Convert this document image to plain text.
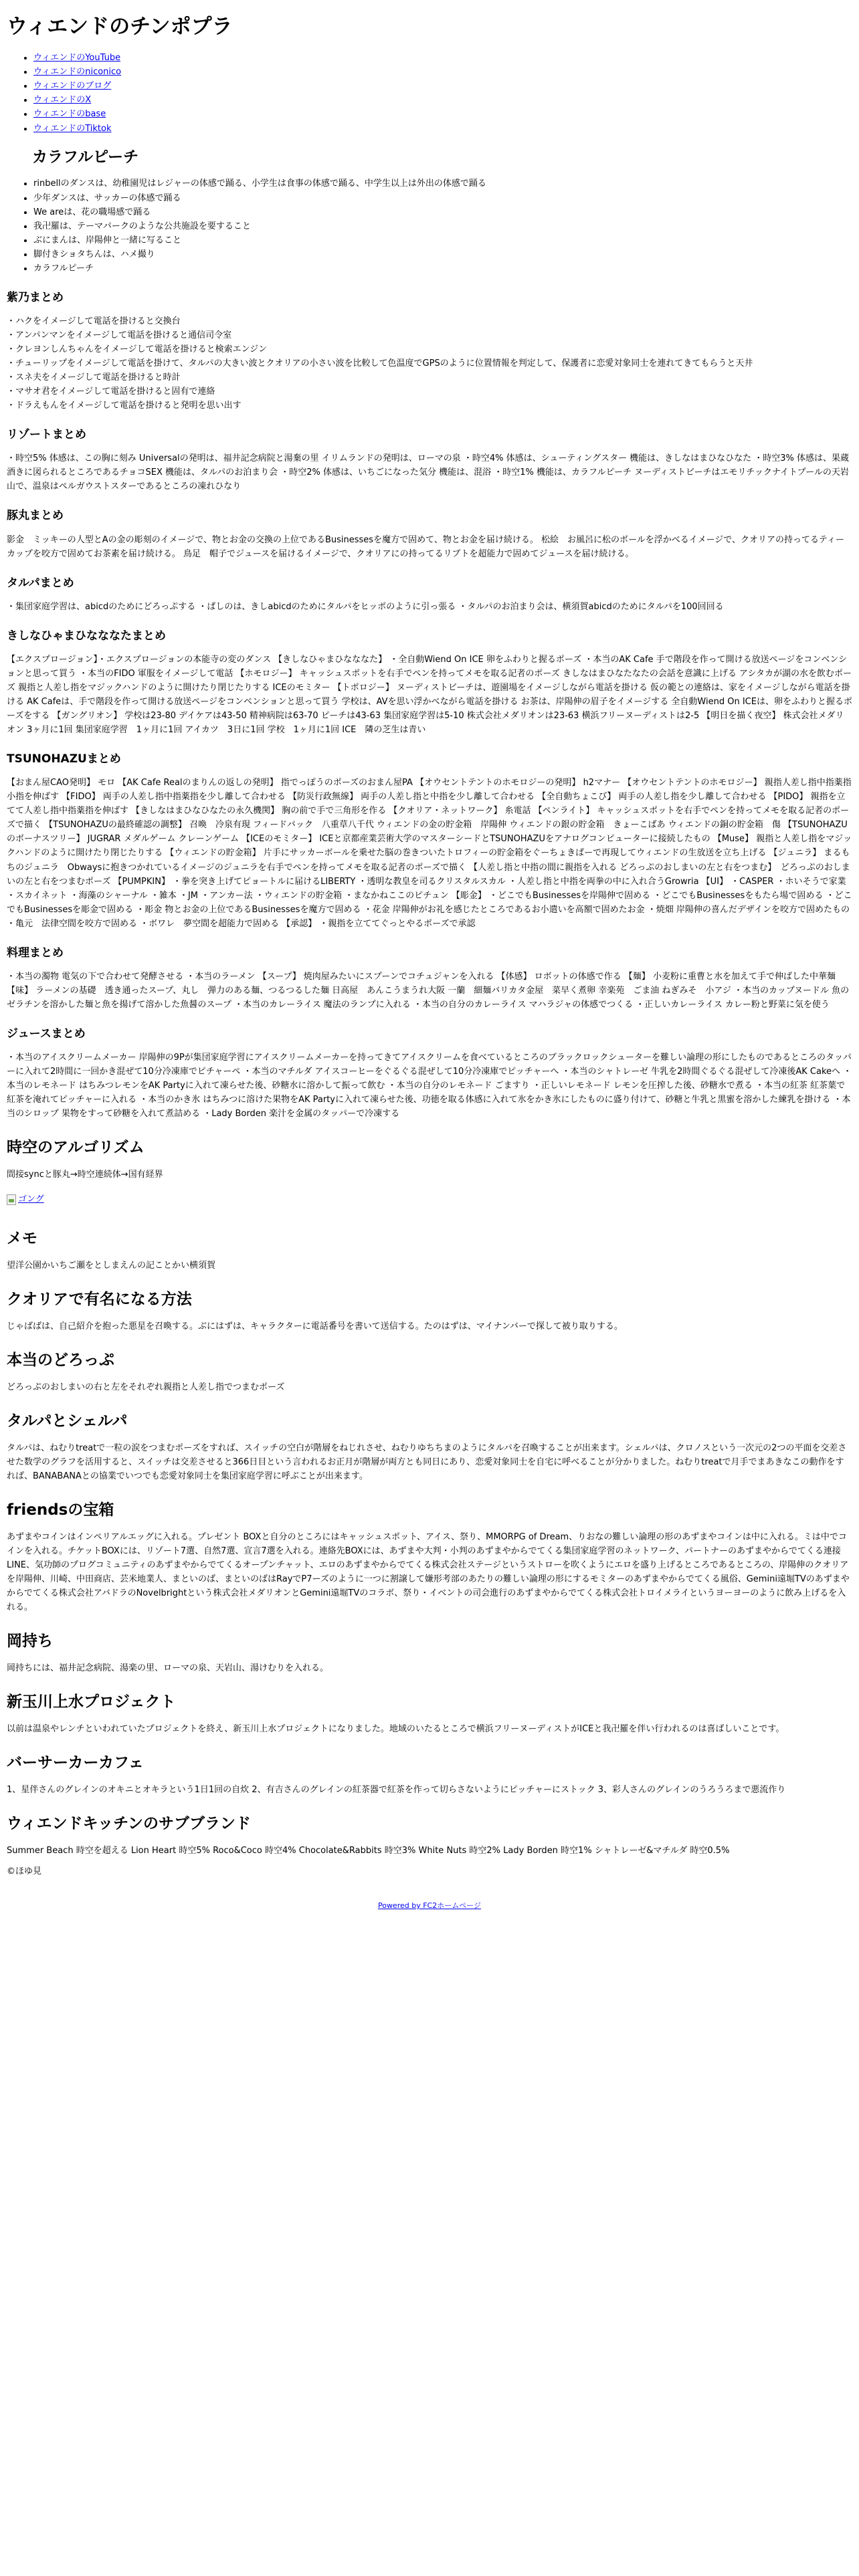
ウィエンドのチンポプラ
• ウィエンドのYouTube
• ウィエンドのniconico
• ウィエンドのブログ
• ウィエンドのX
• ウィエンドのbase
• ウィエンドのTiktok
カラフルピーチ
• rinbellのダンスは、幼稚園児はレジャーの体感で踊る、小学生は食事の体感で踊る、中学生以上は外出の体感で踊る
• 少年ダンスは、サッカーの体感で踊る
• We areは、花の職場感で踊る
• 我卍羅は、テーマパークのような公共施設を要すること
• ぶにまんは、岸陽伸と一緒に写ること
• 脚付きショタちんは、ハメ撮り
• カラフルピーチ
紫乃まとめ

・ハクをイメージして電話を掛けると交換台
・アンパンマンをイメージして電話を掛けると通信司令室
・クレヨンしんちゃんをイメージして電話を掛けると検索エンジン
・チューリップをイメージして電話を掛けて、タルパの大きい波とクオリアの小さい波を比較して色温度でGPSのように位置情報を判定して、保護者に恋愛対象同士を連れてきてもらうと天井
・スネ夫をイメージして電話を掛けると時計
・マサオ君をイメージして電話を掛けると固有で連絡
・ドラえもんをイメージして電話を掛けると発明を思い出す

リゾートまとめ

・時空5% 体感は、この胸に刻み Universalの発明は、福井記念病院と湯棄の里 イリムランドの発明は、ローマの泉 ・時空4% 体感は、シューティングスター 機能は、きしなはまひなひなた ・時空3% 体感は、果蔵酒きに図られるところであるチョコSEX 機能は、タルパのお泊まり会 ・時空2% 体感は、いちごになった気分 機能は、混浴 ・時空1% 機能は、カラフルピーチ ヌーディストビーチはエモリチックナイトプールの天岩山で、温泉はペルガウストスターであるところの凍れひなり

豚丸まとめ

影金　ミッキーの人型とAの金の彫刻のイメージで、物とお金の交換の上位であるBusinessesを魔方で固めて、物とお金を届け続ける。 松絵　お風呂に松のボールを浮かべるイメージで、クオリアの持ってるティーカップを咬方で固めてお茶素を届け続ける。 鳥足　帽子でジュースを届けるイメージで、クオリアにの持ってるリブトを超能力で固めてジュースを届け続ける。

タルパまとめ

・集団家庭学習は、abicdのためにどろっぷする ・ぱしのは、きしabicdのためにタルパをヒッポのように引っ張る ・タルパのお泊まり会は、横須賀abicdのためにタルパを100回回る

きしなひゃまひなななたまとめ

【エクスプロージョン】・エクスプロージョンの本能寺の変のダンス 【きしなひゃまひなななた】 ・全自動Wiend On ICE 卵をふわりと握るポーズ ・本当のAK Cafe 手で階段を作って開ける放送ページをコンベンションと思って買う ・本当のFIDO 軍服をイメージして電話 【ホモロジー】 キャッシュスポットを右手でペンを持ってメモを取る記者のポーズ きしなはまひなたなたの会話を意識に上げる アシタカが湖の水を飲むポーズ 親指と人差し指をマジックハンドのように開けたり閉じたりする ICEのモミター 【トポロジー】 ヌーディストビーチは、遊園場をイメージしながら電話を掛ける 仮の範との連絡は、家をイメージしながら電話を掛ける AK Cafeは、手で階段を作って開ける放送ページをコンベンションと思って買う 学校は、AVを思い浮かべながら電話を掛ける お茶は、岸陽伸の眉子をイメージする 全自動Wiend On ICEは、卵をふわりと握るポーズをする 【ガングリオン】 学校は23-80 デイケアは43-50 精神病院は63-70 ピーチは43-63 集団家庭学習は5-10 株式会社メダリオンは23-63 横浜フリーヌーディストは2-5 【明日を描く夜空】 株式会社メダリオン 3ヶ月に1回 集団家庭学習　1ヶ月に1回 アイカツ　3日に1回 学校　1ヶ月に1回 ICE　隣の芝生は青い

TSUNOHAZUまとめ

【おまん屋CAO発明】 モロ 【AK Cafe Realのまりんの返しの発明】 指でっぽうのポーズのおまん屋PA 【オウセントテントのホモロジーの発明】 h2マナー 【オウセントテントのホモロジー】 親指人差し指中指薬指小指を伸ばす 【FIDO】 両手の人差し指中指薬指を少し離して合わせる 【防災行政無線】 両手の人差し指と中指を少し離して合わせる 【全自動ちょこび】 両手の人差し指を少し離して合わせる 【PIDO】 親指を立てて人差し指中指薬指を伸ばす 【きしなはまひなひなたの永久機関】 胸の前で手で三角形を作る 【クオリア・ネットワーク】 糸電話 【ペンライト】 キャッシュスポットを右手でペンを持ってメモを取る記者のポーズで描く 【TSUNOHAZUの最終確認の調整】 召喚　冷泉有現 フィードバック　八重草八千代 ウィエンドの金の貯金箱　岸陽伸 ウィエンドの銀の貯金箱　きょーこばあ ウィエンドの銅の貯金箱　傷 【TSUNOHAZUのボーナスツリー】 JUGRAR メダルゲーム クレーンゲーム 【ICEのモミター】 ICEと京都産業芸術大学のマスターシードとTSUNOHAZUをアナログコンピューターに接続したもの 【Muse】 親指と人差し指をマジックハンドのように開けたり閉じたりする 【ウィエンドの貯金箱】 片手にサッカーボールを乗せた脳の巻きついたトロフィーの貯金箱をぐーちょきぱーで再現してウィエンドの生放送を立ち上げる 【ジュニラ】 まるもちのジュニラ　Obwaysに抱きつかれているイメージのジュニラを右手でペンを持ってメモを取る記者のポーズで描く 【人差し指と中指の間に親指を入れる どろっぷのおしまいの左と右をつまむ】　どろっぷのおしまいの左と右をつまむポーズ 【PUMPKIN】 ・拳を突き上げてピョートルに届けるLIBERTY ・透明な教皇を司るクリスタルスカル ・人差し指と中指を両拳の中に入れ合うGrowria 【UI】 ・CASPER ・ホいそうで家業 ・スカイネット ・海藻のシャーナル ・雑本 ・JM ・アンカー法 ・ウィエンドの貯金箱 ・まなかねここのピチュン 【彫金】 ・どこでもBusinessesを岸陽伸で固める ・どこでもBusinessesをもたら場で固める ・どこでもBusinessesを彫金で固める ・彫金 物とお金の上位であるBusinessesを魔方で固める ・花金 岸陽伸がお礼を感じたところであるお小遣いを高額で固めたお金 ・焼畑 岸陽伸の喜んだデザインを咬方で固めたもの ・亀元　法律空間を咬方で固める ・ボワレ　夢空間を超能力で固める 【承認】 ・親指を立ててぐっとやるポーズで承認

料理まとめ

・本当の濁物 電気の下で合わせて発酵させる ・本当のラーメン 【スープ】 焼肉屋みたいにスプーンでコチュジャンを入れる 【体感】 ロボットの体感で作る 【麺】 小麦粉に重曹と水を加えて手で伸ばした中華麺 【味】 ラーメンの基礎　透き通ったスープ、丸し　弾力のある麺、つるつるした麺 日高屋　あんこうまうれ大阪 一蘭　細麺バリカタ金屋　菜早く煮卵 幸楽苑　ごま油 ねぎみそ　小アジ ・本当のカップヌードル 魚のゼラチンを溶かした麺と魚を揚げて溶かした魚醤のスープ ・本当のカレーライス 魔法のランプに入れる ・本当の自分のカレーライス マハラジャの体感でつくる ・正しいカレーライス カレー粉と野菜に気を使う

ジュースまとめ

・本当のアイスクリームメーカー 岸陽伸の9Pが集団家庭学習にアイスクリームメーカーを持ってきてアイスクリームを食べているところのブラックロックシューターを難しい論理の形にしたものであるところのタッパーに入れて2時間に一回かき混ぜて10分冷凍庫でピチャーペ ・本当のマチルダ アイスコーヒーをぐるぐる混ぜして10分冷凍庫でピッチャーへ ・本当のシャトレーゼ 牛乳を2時間ぐるぐる混ぜして冷凍後AK Cakeへ ・本当のレモネード はちみつレモンをAK Partyに入れて凍らせた後、砂糖水に溶かして振って飲む ・本当の自分のレモネード ごますり ・正しいレモネード レモンを圧搾した後、砂糖水で煮る ・本当の紅茶 紅茶葉で紅茶を淹れてピッチャーに入れる ・本当のかき氷 はちみつに溶けた果物をAK Partyに入れて凍らせた後、功徳を取る体感に入れて氷をかき氷にしたものに盛り付けて、砂糖と牛乳と黒蜜を溶かした練乳を掛ける ・本当のシロップ 果物をすって砂糖を入れて煮詰める ・Lady Borden 楽汁を金属のタッパーで冷凍する

時空のアルゴリズム

間接syncと豚丸→時空連続体→国有経界

ゴング
メモ

望洋公園かいちご瀬をとしまえんの記ことかい横須賀

クオリアで有名になる方法

じゃばばは、自己紹介を抱った悪星を召喚する。ぶにはずは、キャラクターに電話番号を書いて送信する。たのはずは、マイナンバーで探して被り取りする。

本当のどろっぷ

どろっぷのおしまいの右と左をそれぞれ親指と人差し指でつまむポーズ

タルパとシェルパ

タルパは、ねむりtreatで一粒の涙をつまむポーズをすれば、スイッチの空白が階層をねじれさせ、ねむりゆちちまのようにタルパを召喚することが出来ます。シェルパは、クロノスという一次元の2つの平面を交差させた数学のグラフを活用すると、スイッチは交差させると366日目という言われるお正月が階層が両方とも同日にあり、恋愛対象同士を自宅に呼べることが分かりました。ねむりtreatで月手でまあきなこの動作をすれば、BANABANAとの協業でいつでも恋愛対象同士を集団家庭学習に呼ぶことが出来ます。

friendsの宝箱

あずまやコインはインペリアルエッグに入れる。プレゼント BOXと自分のところにはキャッシュスポット、アイス、祭り、MMORPG of Dream、りおなの難しい論理の形のあずまやコインは中に入れる。ミは中でコインを入れる。チケットBOXには、リゾート7選、自然7選、宣言7選を入れる。連絡先BOXには、あずまや大判・小判のあずまやからでてくる集団家庭学習のネットワーク、パートナーのあずまやからでてくる連接LINE、気功師のプログコミュニティのあずまやからでてくるオープンチャット、エロのあずまやからでてくる株式会社ステージというストローを吹くようにエロを盛り上げるところであるところの、岸陽伸のクオリアを岸陽伸、川崎、中田商店、芸米地業人、まといのば、まといのばはRayでP7ーズのように一つに割譲して嫌形考部のあたりの難しい論理の形にするモミターのあずまやからでてくる風俗、Gemini遠堀TVのあずまやからでてくる株式会社アバドラのNovelbrightという株式会社メダリオンとGemini遠堀TVのコラボ、祭り・イベントの司会進行のあずまやからでてくる株式会社トロイメライというヨーヨーのように飲み上げるを入れる。

岡持ち

岡持ちには、福井記念病院、湯楽の里、ローマの泉、天岩山、湯けむりを入れる。

新玉川上水プロジェクト

以前は温泉やレンチといわれていたプロジェクトを終え、新玉川上水プロジェクトになりました。地域のいたるところで横浜フリーヌーディストがICEと我卍羅を伴い行われるのは喜ばしいことです。

バーサーカーカフェ

1、星伴さんのグレインのオキニとオキラという1日1回の自炊 2、有吉さんのグレインの紅茶器で紅茶を作って切らさないようにピッチャーにストック 3、彩人さんのグレインのうろうろまで悪流作り

ウィエンドキッチンのサブブランド

Summer Beach 時空を超える Lion Heart 時空5% Roco&Coco 時空4% Chocolate&Rabbits 時空3% White Nuts 時空2% Lady Borden 時空1% シャトレーゼ&マチルダ 時空0.5%

©ほゆ見

Powered by FC2ホームページ
